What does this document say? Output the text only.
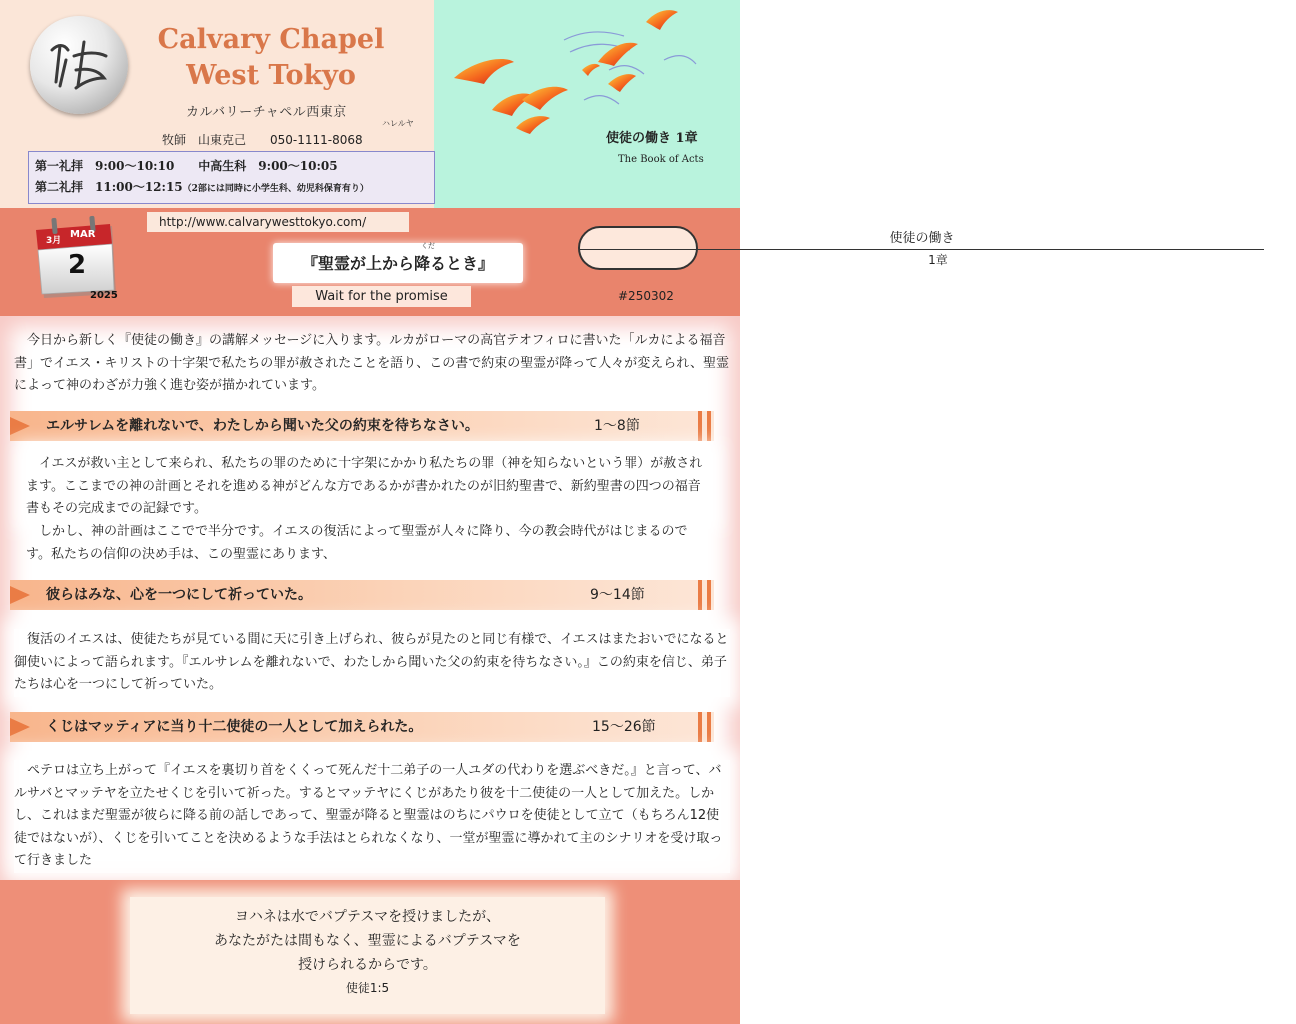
Calvary Chapel
West Tokyo
カルバリーチャペル西東京
牧師　山東克己　　050-1111-8068
ハレルヤ
第一礼拝　9:00～10:10　　中高生科　9:00～10:05
第二礼拝　11:00～12:15（2部には同時に小学生科、幼児科保育有り）
使徒の働き 1章
The Book of Acts
3月
MAR
2
2025
http://www.calvarywesttokyo.com/
『聖霊が上から降るとき』
くだ
Wait for the promise
使徒の働き
1章
#250302

今日から新しく『使徒の働き』の講解メッセージに入ります。ルカがローマの高官テオフィロに書いた「ルカによる福音書」でイエス・キリストの十字架で私たちの罪が赦されたことを語り、この書で約束の聖霊が降って人々が変えられ、聖霊によって神のわざが力強く進む姿が描かれています。

エルサレムを離れないで、わたしから聞いた父の約束を待ちなさい。	1～8節

イエスが救い主として来られ、私たちの罪のために十字架にかかり私たちの罪（神を知らないという罪）が赦されます。ここまでの神の計画とそれを進める神がどんな方であるかが書かれたのが旧約聖書で、新約聖書の四つの福音書もその完成までの記録です。

しかし、神の計画はここでで半分です。イエスの復活によって聖霊が人々に降り、今の教会時代がはじまるのです。私たちの信仰の決め手は、この聖霊にあります、

彼らはみな、心を一つにして祈っていた。	9～14節

復活のイエスは、使徒たちが見ている間に天に引き上げられ、彼らが見たのと同じ有様で、イエスはまたおいでになると御使いによって語られます。『エルサレムを離れないで、わたしから聞いた父の約束を待ちなさい。』この約束を信じ、弟子たちは心を一つにして祈っていた。

くじはマッティアに当り十二使徒の一人として加えられた。	15～26節

ペテロは立ち上がって『イエスを裏切り首をくくって死んだ十二弟子の一人ユダの代わりを選ぶべきだ。』と言って、バルサバとマッテヤを立たせくじを引いて祈った。するとマッテヤにくじがあたり彼を十二使徒の一人として加えた。しかし、これはまだ聖霊が彼らに降る前の話しであって、聖霊が降ると聖霊はのちにパウロを使徒として立て（もちろん12使徒ではないが）、くじを引いてことを決めるような手法はとられなくなり、一堂が聖霊に導かれて主のシナリオを受け取って行きました

ヨハネは水でバプテスマを授けましたが、
あなたがたは間もなく、聖霊によるバプテスマを
授けられるからです。
使徒1:5
